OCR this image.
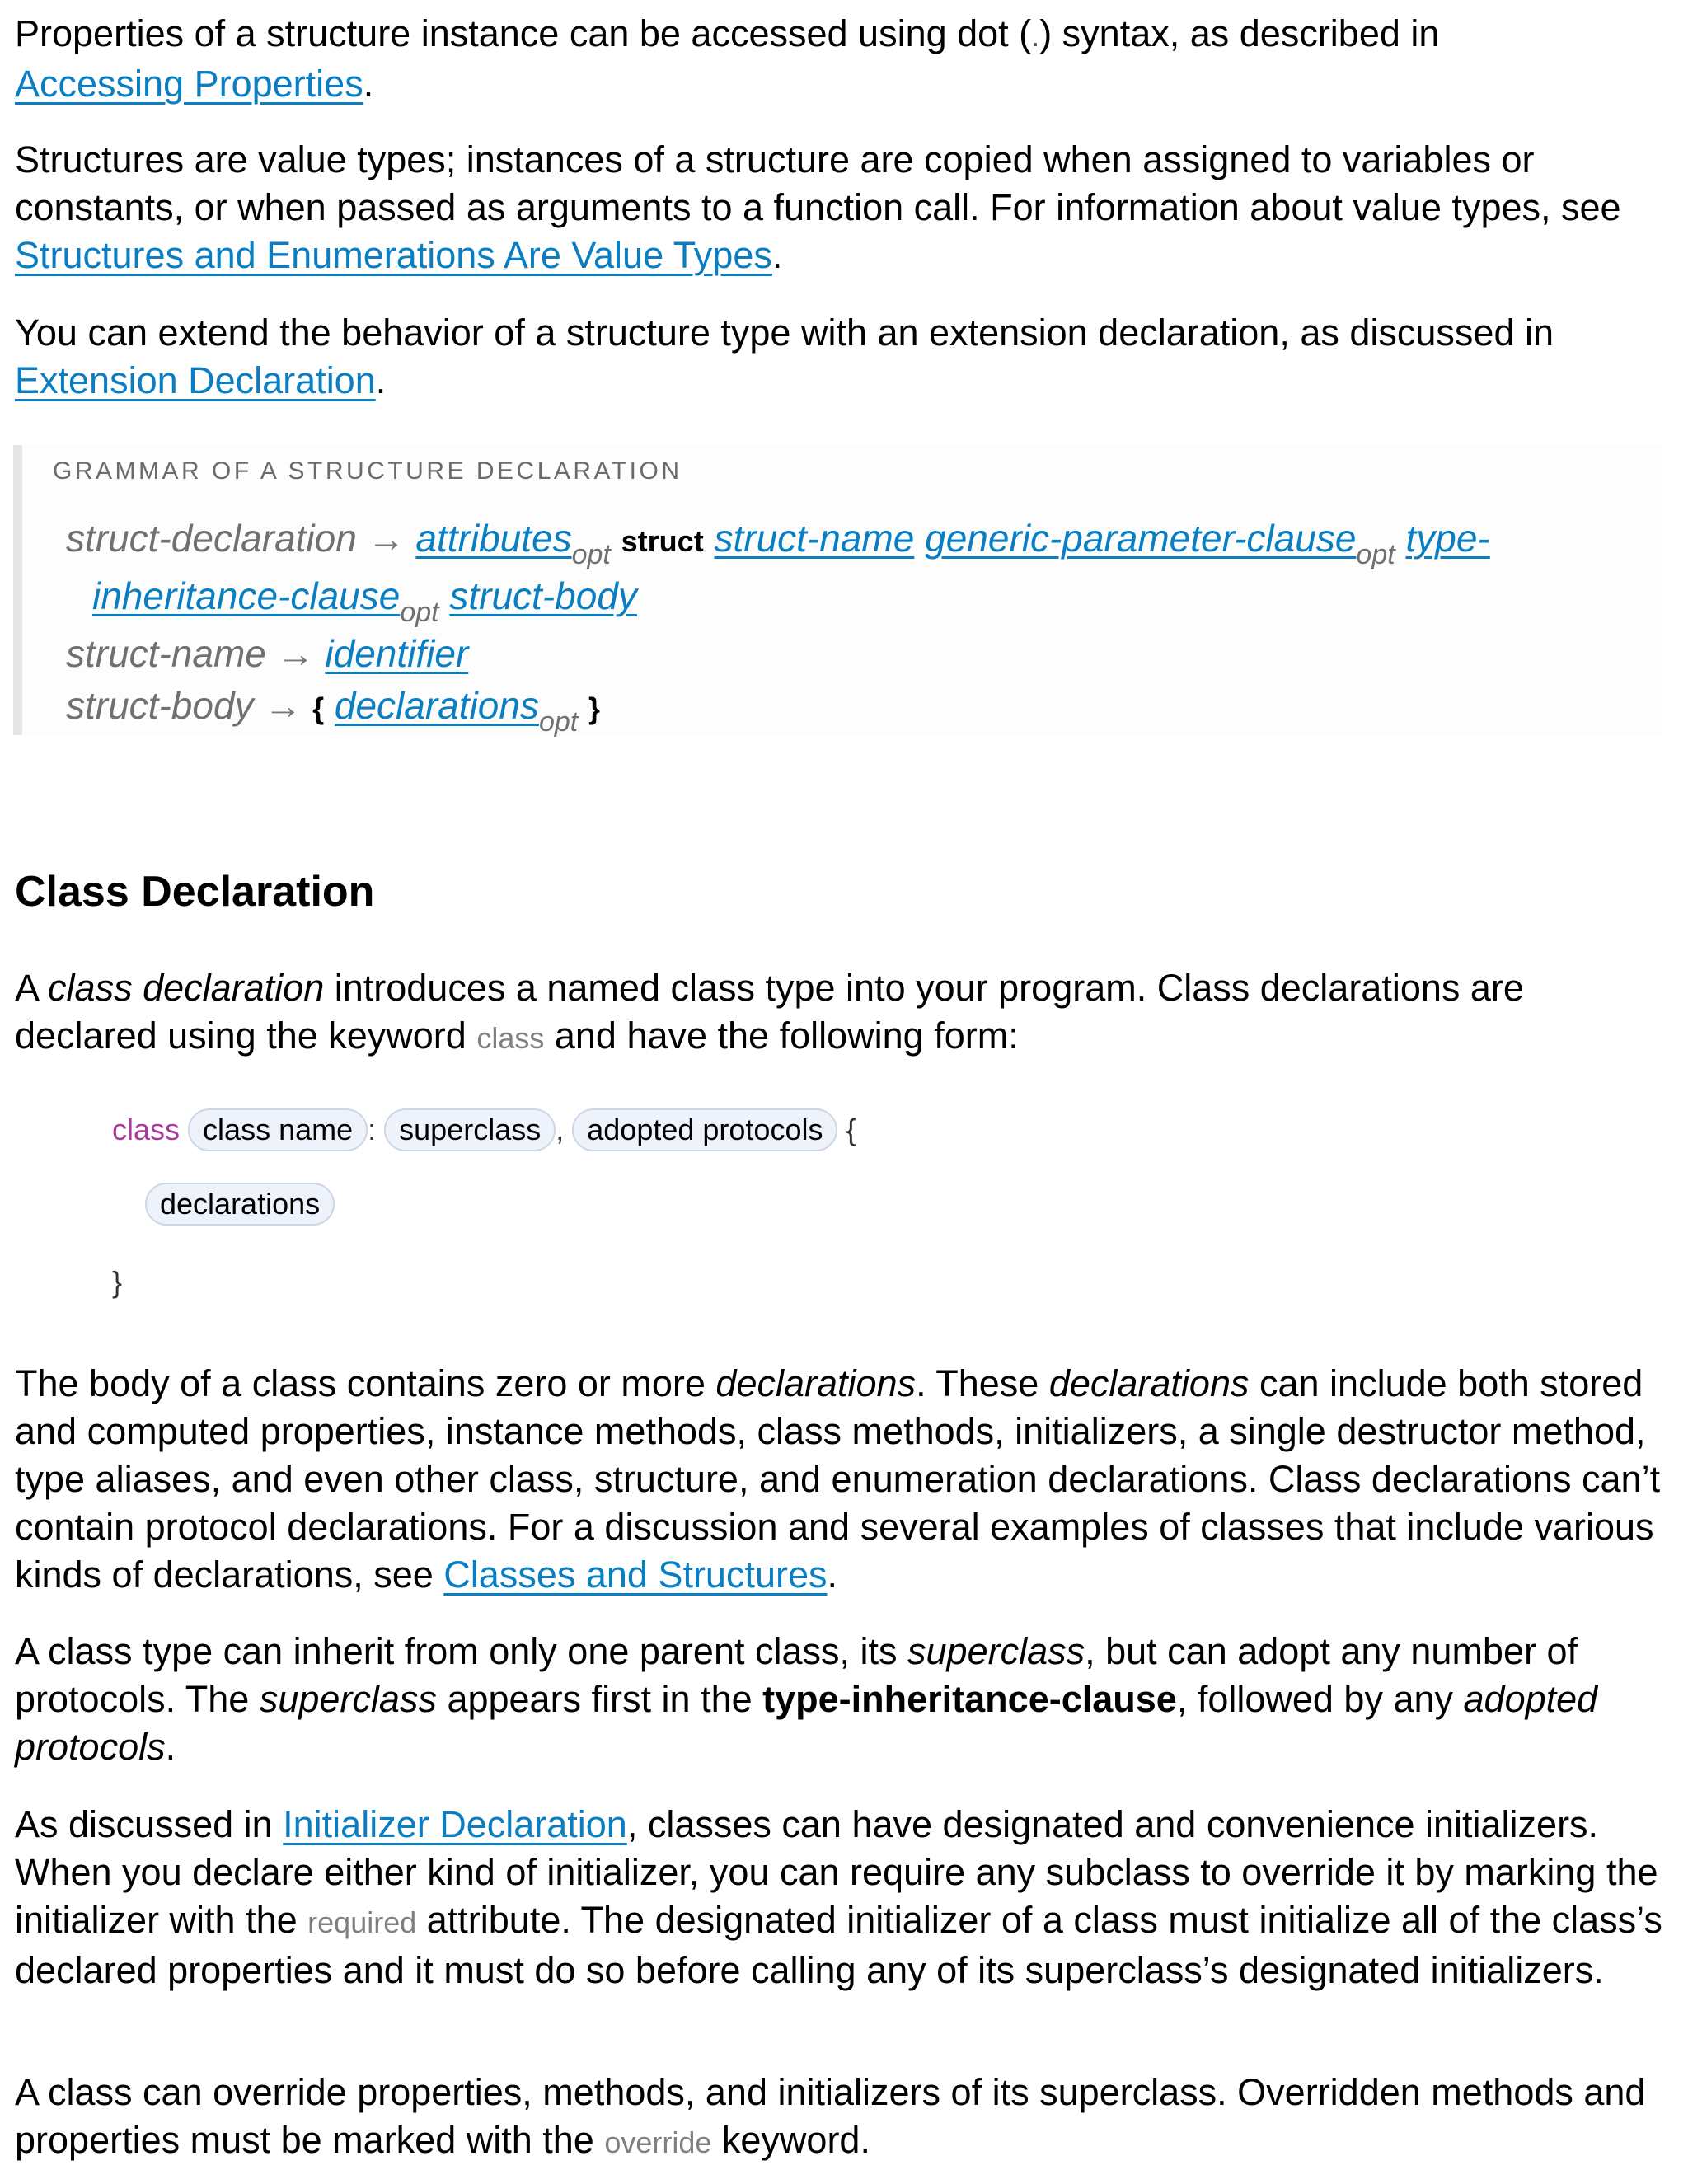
Properties of a structure instance can be accessed using dot (.) syntax, as described in
Accessing Properties.

Structures are value types; instances of a structure are copied when assigned to variables or constants, or when passed as arguments to a function call. For information about value types, see Structures and Enumerations Are Value Types.

You can extend the behavior of a structure type with an extension declaration, as discussed in Extension Declaration.

GRAMMAR OF A STRUCTURE DECLARATION
struct-declaration → attributes$_{opt}$ struct struct-name generic-parameter-clause$_{opt}$ type-
inheritance-clause$_{opt}$ struct-body
struct-name → identifier
struct-body → { declarations$_{opt}$ }
Class Declaration

A class declaration introduces a named class type into your program. Class declarations are declared using the keyword class and have the following form:

class class name : superclass , adopted protocols {
declarations
}

The body of a class contains zero or more declarations. These declarations can include both stored and computed properties, instance methods, class methods, initializers, a single destructor method, type aliases, and even other class, structure, and enumeration declarations. Class declarations can’t contain protocol declarations. For a discussion and several examples of classes that include various kinds of declarations, see Classes and Structures.

A class type can inherit from only one parent class, its superclass, but can adopt any number of protocols. The superclass appears first in the type-inheritance-clause, followed by any adopted protocols.

As discussed in Initializer Declaration, classes can have designated and convenience initializers. When you declare either kind of initializer, you can require any subclass to override it by marking the initializer with the required attribute. The designated initializer of a class must initialize all of the class’s declared properties and it must do so before calling any of its superclass’s designated initializers.

A class can override properties, methods, and initializers of its superclass. Overridden methods and properties must be marked with the override keyword.
